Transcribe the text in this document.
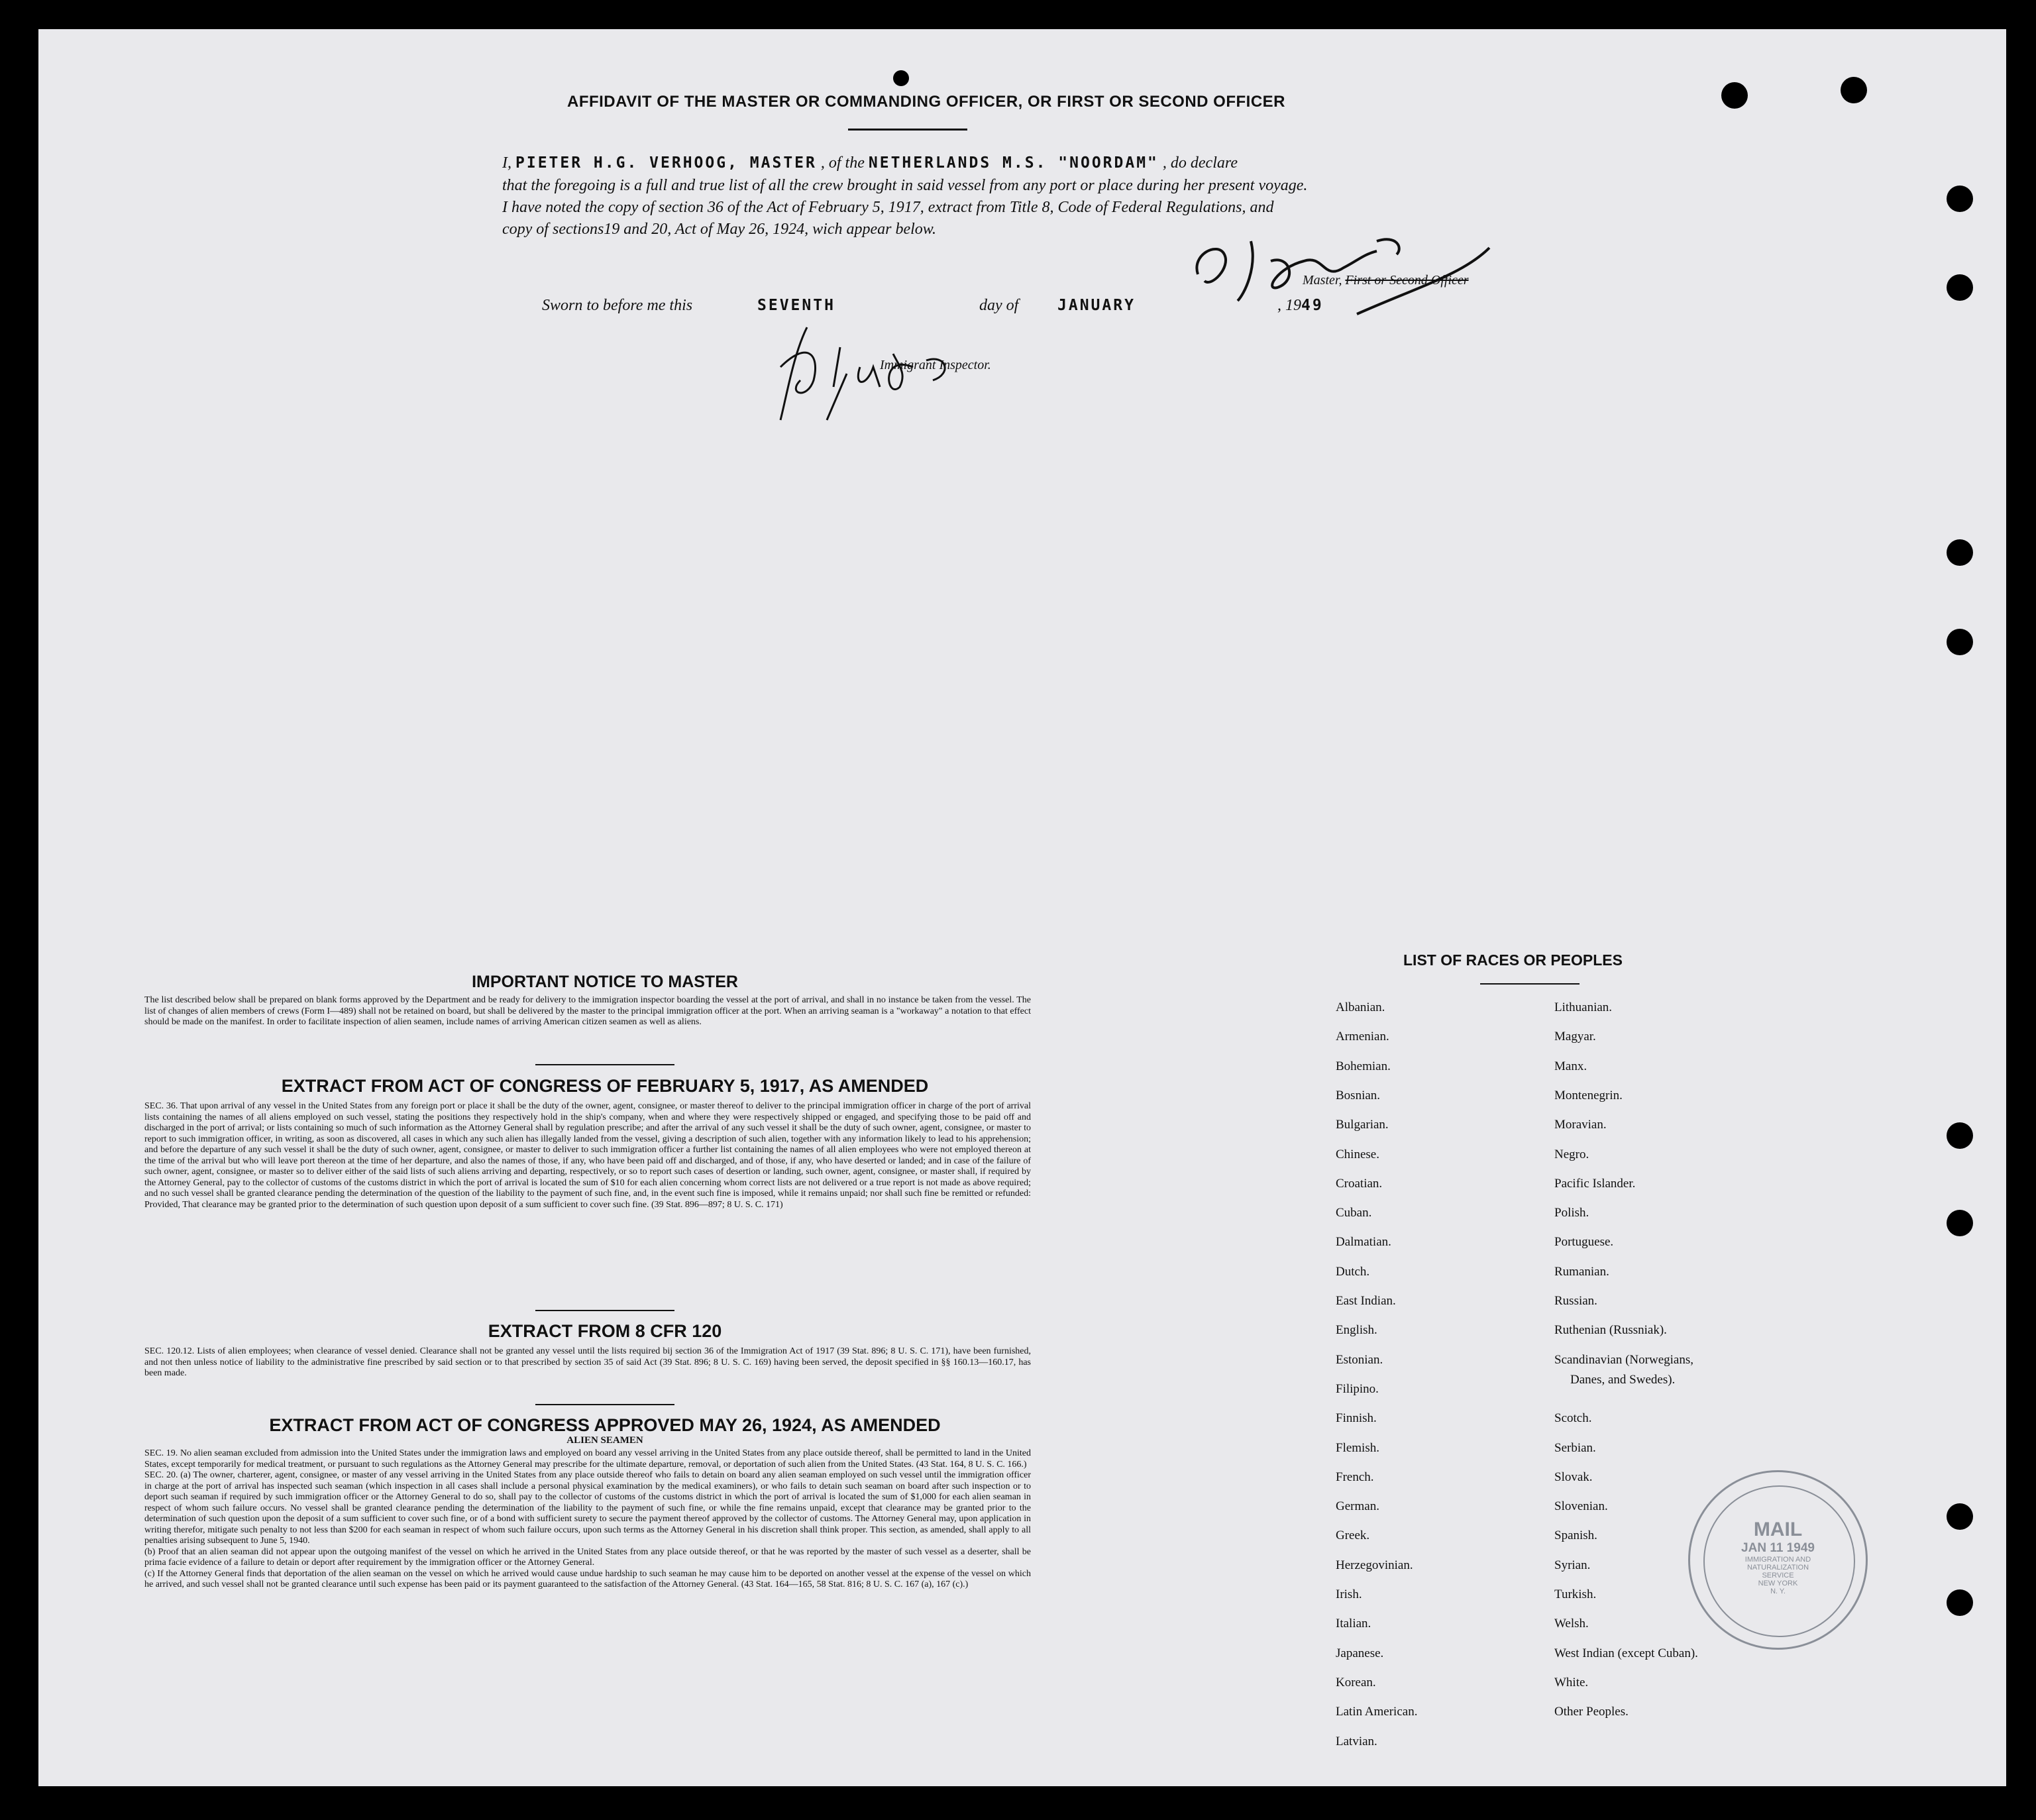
AFFIDAVIT OF THE MASTER OR COMMANDING OFFICER, OR FIRST OR SECOND OFFICER
I, PIETER H.G. VERHOOG, MASTER , of the NETHERLANDS M.S. "NOORDAM" , do declare
that the foregoing is a full and true list of all the crew brought in said vessel from any port or place during her present voyage.
I have noted the copy of section 36 of the Act of February 5, 1917, extract from Title 8, Code of Federal Regulations, and
copy of sections19 and 20, Act of May 26, 1924, wich appear below.
Master, First or Second Officer
Sworn to before me this	SEVENTH	day of	JANUARY	, 1949
Immigrant Inspector.
IMPORTANT NOTICE TO MASTER
The list described below shall be prepared on blank forms approved by the Department and be ready for delivery to the immigration inspector boarding the vessel at the port of arrival, and shall in no instance be taken from the vessel. The list of changes of alien members of crews (Form I—489) shall not be retained on board, but shall be delivered by the master to the principal immigration officer at the port. When an arriving seaman is a "workaway" a notation to that effect should be made on the manifest. In order to facilitate inspection of alien seamen, include names of arriving American citizen seamen as well as aliens.
EXTRACT FROM ACT OF CONGRESS OF FEBRUARY 5, 1917, AS AMENDED
SEC. 36. That upon arrival of any vessel in the United States from any foreign port or place it shall be the duty of the owner, agent, consignee, or master thereof to deliver to the principal immigration officer in charge of the port of arrival lists containing the names of all aliens employed on such vessel, stating the positions they respectively hold in the ship's company, when and where they were respectively shipped or engaged, and specifying those to be paid off and discharged in the port of arrival; or lists containing so much of such information as the Attorney General shall by regulation prescribe; and after the arrival of any such vessel it shall be the duty of such owner, agent, consignee, or master to report to such immigration officer, in writing, as soon as discovered, all cases in which any such alien has illegally landed from the vessel, giving a description of such alien, together with any information likely to lead to his apprehension; and before the departure of any such vessel it shall be the duty of such owner, agent, consignee, or master to deliver to such immigration officer a further list containing the names of all alien employees who were not employed thereon at the time of the arrival but who will leave port thereon at the time of her departure, and also the names of those, if any, who have been paid off and discharged, and of those, if any, who have deserted or landed; and in case of the failure of such owner, agent, consignee, or master so to deliver either of the said lists of such aliens arriving and departing, respectively, or so to report such cases of desertion or landing, such owner, agent, consignee, or master shall, if required by the Attorney General, pay to the collector of customs of the customs district in which the port of arrival is located the sum of $10 for each alien concerning whom correct lists are not delivered or a true report is not made as above required; and no such vessel shall be granted clearance pending the determination of the question of the liability to the payment of such fine, and, in the event such fine is imposed, while it remains unpaid; nor shall such fine be remitted or refunded: Provided, That clearance may be granted prior to the determination of such question upon deposit of a sum sufficient to cover such fine. (39 Stat. 896—897; 8 U. S. C. 171)
EXTRACT FROM 8 CFR 120
SEC. 120.12. Lists of alien employees; when clearance of vessel denied. Clearance shall not be granted any vessel until the lists required bij section 36 of the Immigration Act of 1917 (39 Stat. 896; 8 U. S. C. 171), have been furnished, and not then unless notice of liability to the administrative fine prescribed by said section or to that prescribed by section 35 of said Act (39 Stat. 896; 8 U. S. C. 169) having been served, the deposit specified in §§ 160.13—160.17, has been made.
EXTRACT FROM ACT OF CONGRESS APPROVED MAY 26, 1924, AS AMENDED
ALIEN SEAMEN
SEC. 19. No alien seaman excluded from admission into the United States under the immigration laws and employed on board any vessel arriving in the United States from any place outside thereof, shall be permitted to land in the United States, except temporarily for medical treatment, or pursuant to such regulations as the Attorney General may prescribe for the ultimate departure, removal, or deportation of such alien from the United States. (43 Stat. 164, 8 U. S. C. 166.)
SEC. 20. (a) The owner, charterer, agent, consignee, or master of any vessel arriving in the United States from any place outside thereof who fails to detain on board any alien seaman employed on such vessel until the immigration officer in charge at the port of arrival has inspected such seaman (which inspection in all cases shall include a personal physical examination by the medical examiners), or who fails to detain such seaman on board after such inspection or to deport such seaman if required by such immigration officer or the Attorney General to do so, shall pay to the collector of customs of the customs district in which the port of arrival is located the sum of $1,000 for each alien seaman in respect of whom such failure occurs. No vessel shall be granted clearance pending the determination of the liability to the payment of such fine, or while the fine remains unpaid, except that clearance may be granted prior to the determination of such question upon the deposit of a sum sufficient to cover such fine, or of a bond with sufficient surety to secure the payment thereof approved by the collector of customs. The Attorney General may, upon application in writing therefor, mitigate such penalty to not less than $200 for each seaman in respect of whom such failure occurs, upon such terms as the Attorney General in his discretion shall think proper. This section, as amended, shall apply to all penalties arising subsequent to June 5, 1940.
(b) Proof that an alien seaman did not appear upon the outgoing manifest of the vessel on which he arrived in the United States from any place outside thereof, or that he was reported by the master of such vessel as a deserter, shall be prima facie evidence of a failure to detain or deport after requirement by the immigration officer or the Attorney General.
(c) If the Attorney General finds that deportation of the alien seaman on the vessel on which he arrived would cause undue hardship to such seaman he may cause him to be deported on another vessel at the expense of the vessel on which he arrived, and such vessel shall not be granted clearance until such expense has been paid or its payment guaranteed to the satisfaction of the Attorney General. (43 Stat. 164—165, 58 Stat. 816; 8 U. S. C. 167 (a), 167 (c).)
LIST OF RACES OR PEOPLES
Albanian.
Armenian.
Bohemian.
Bosnian.
Bulgarian.
Chinese.
Croatian.
Cuban.
Dalmatian.
Dutch.
East Indian.
English.
Estonian.
Filipino.
Finnish.
Flemish.
French.
German.
Greek.
Herzegovinian.
Irish.
Italian.
Japanese.
Korean.
Latin American.
Latvian.
Lithuanian.
Magyar.
Manx.
Montenegrin.
Moravian.
Negro.
Pacific Islander.
Polish.
Portuguese.
Rumanian.
Russian.
Ruthenian (Russniak).
Scandinavian (Norwegians,
Danes, and Swedes).
Scotch.
Serbian.
Slovak.
Slovenian.
Spanish.
Syrian.
Turkish.
Welsh.
West Indian (except Cuban).
White.
Other Peoples.
MAIL
JAN 11 1949
IMMIGRATION AND
NATURALIZATION
SERVICE
NEW YORK
N. Y.
